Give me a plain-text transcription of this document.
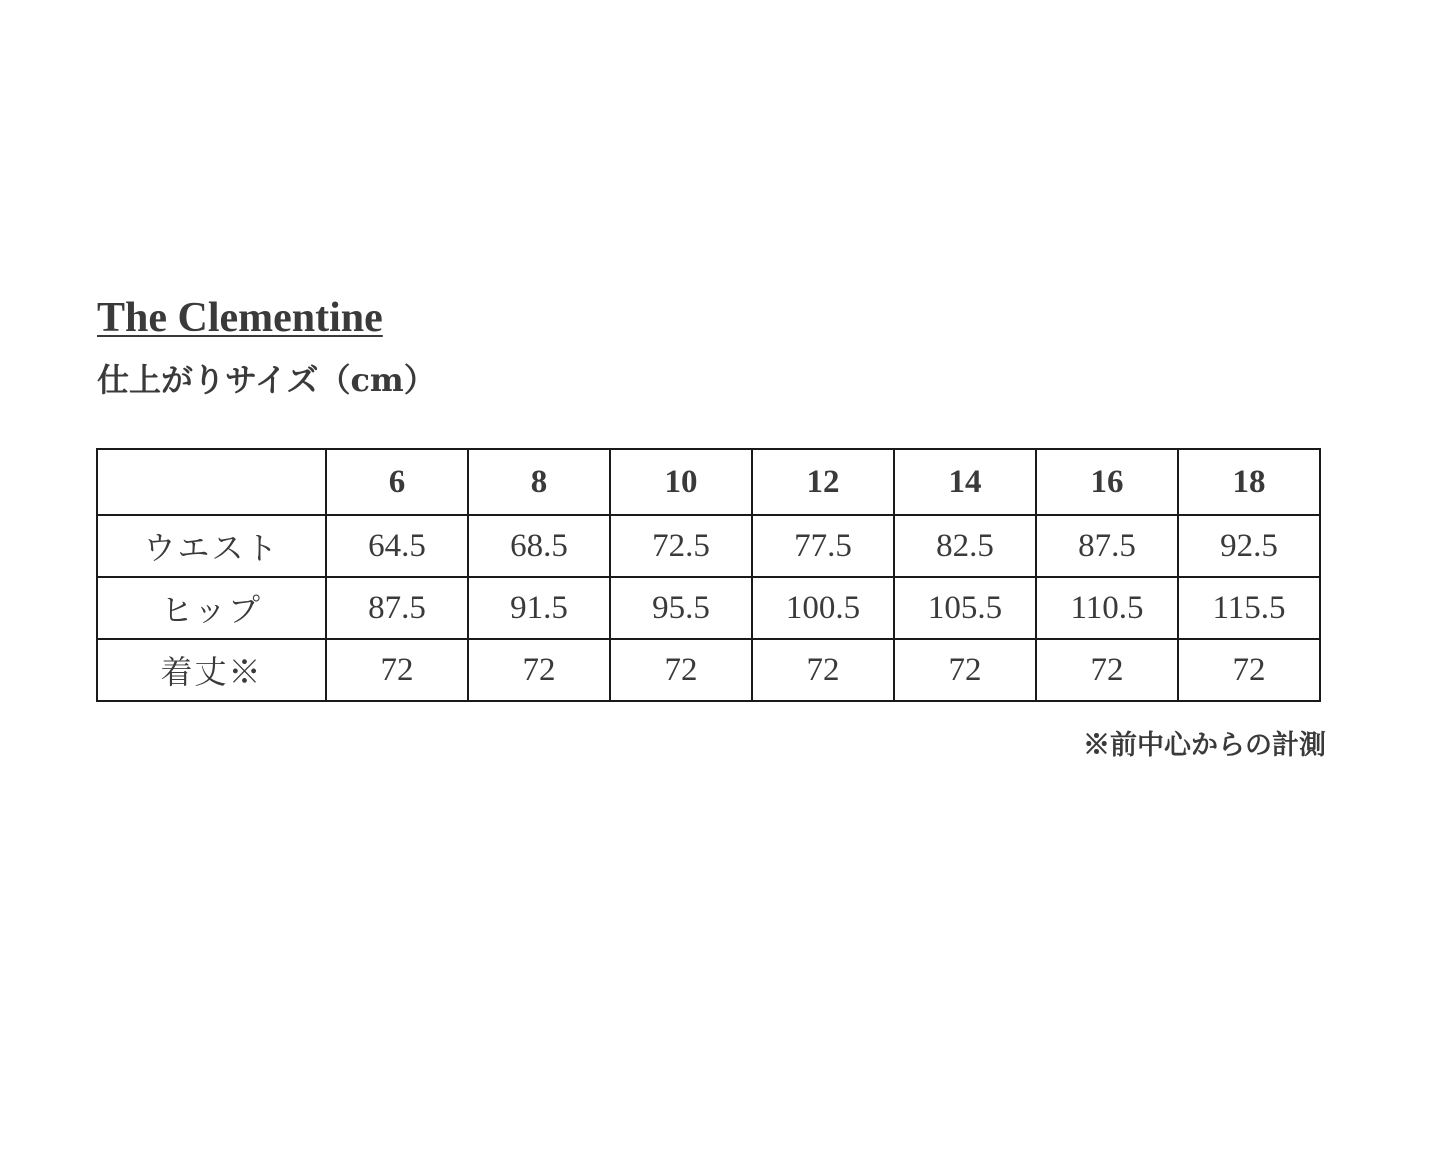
The Clementine
仕上がりサイズ（cm）
	6	8	10	12	14	16	18
ウエスト	64.5	68.5	72.5	77.5	82.5	87.5	92.5
ヒップ	87.5	91.5	95.5	100.5	105.5	110.5	115.5
着丈※	72	72	72	72	72	72	72

※前中心からの計測
